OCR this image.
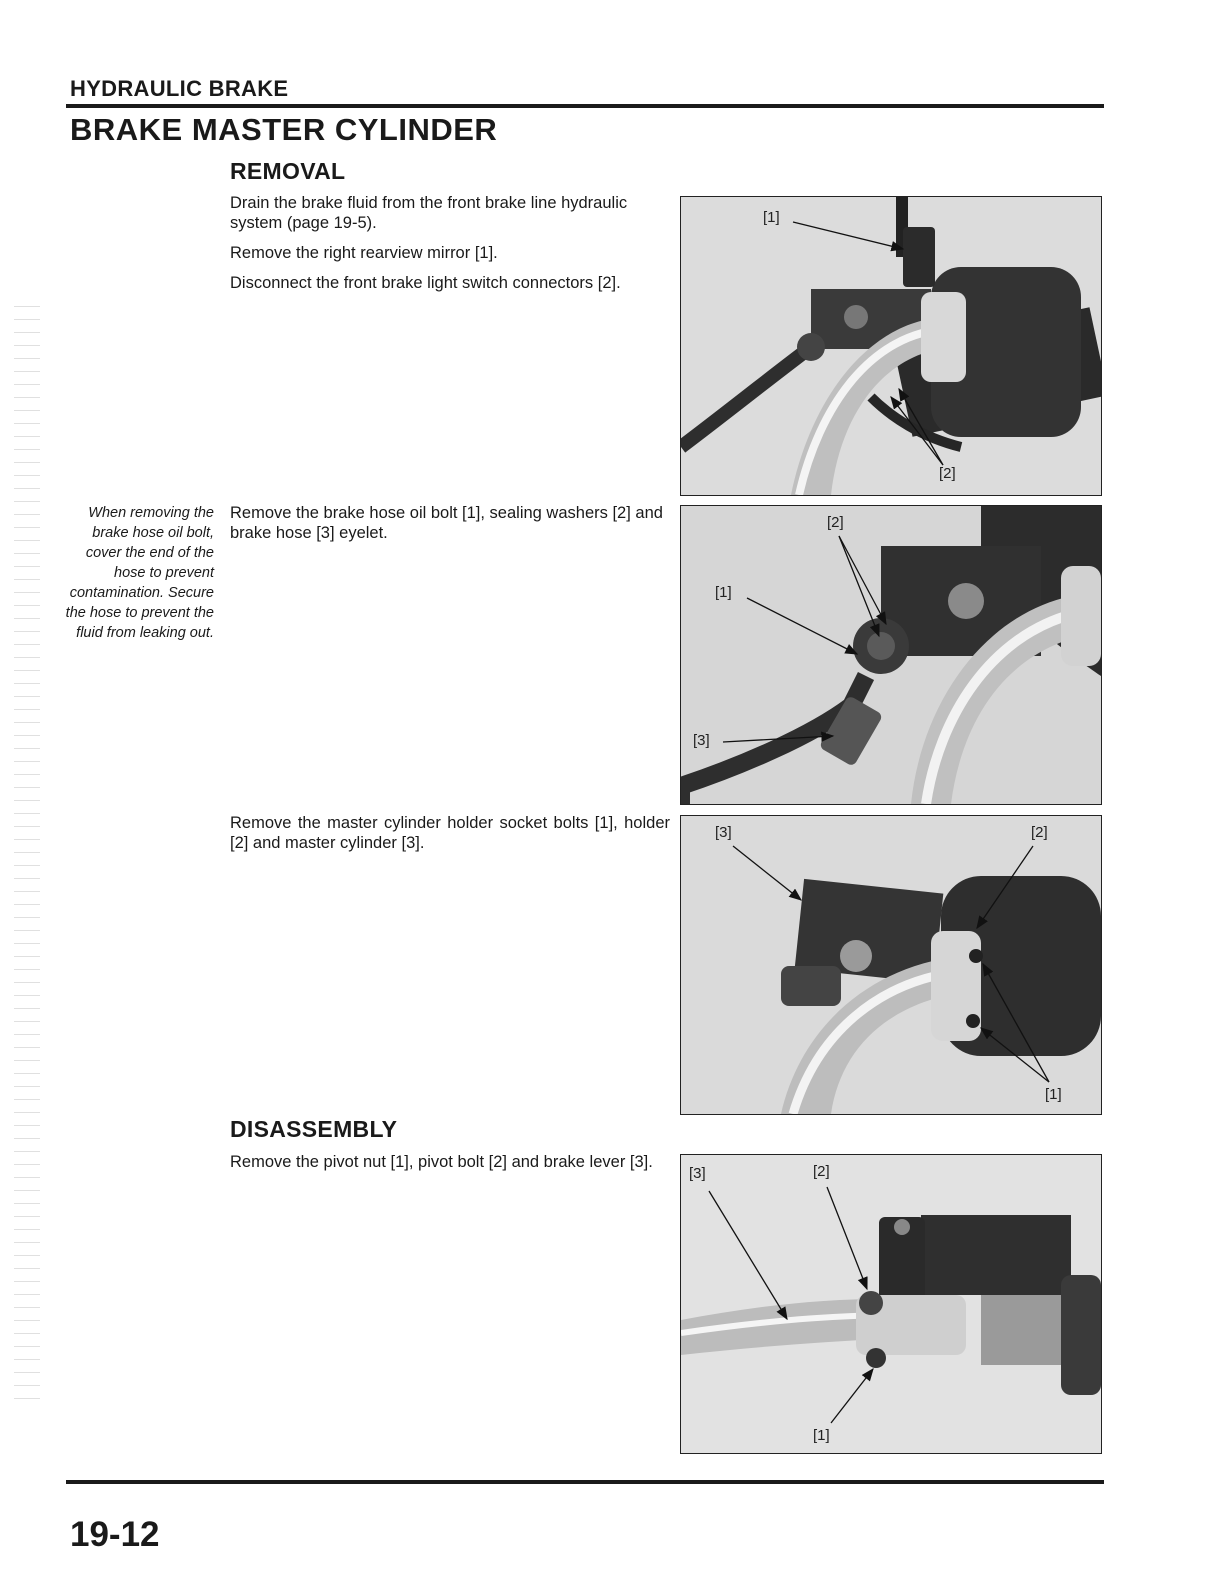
HYDRAULIC BRAKE
BRAKE MASTER CYLINDER
REMOVAL

Drain the brake fluid from the front brake line hydraulic system (page 19-5).

Remove the right rearview mirror [1].

Disconnect the front brake light switch connectors [2].

[1]
[2]
When removing the brake hose oil bolt, cover the end of the hose to prevent contamination. Secure the hose to prevent the fluid from leaking out.
Remove the brake hose oil bolt [1], sealing washers [2] and brake hose [3] eyelet.
[2]
[1]
[3]
Remove the master cylinder holder socket bolts [1], holder [2] and master cylinder [3].
[3]	[2]
[1]
DISASSEMBLY
Remove the pivot nut [1], pivot bolt [2] and brake lever [3].
[3]	[2]
[1]
19-12
